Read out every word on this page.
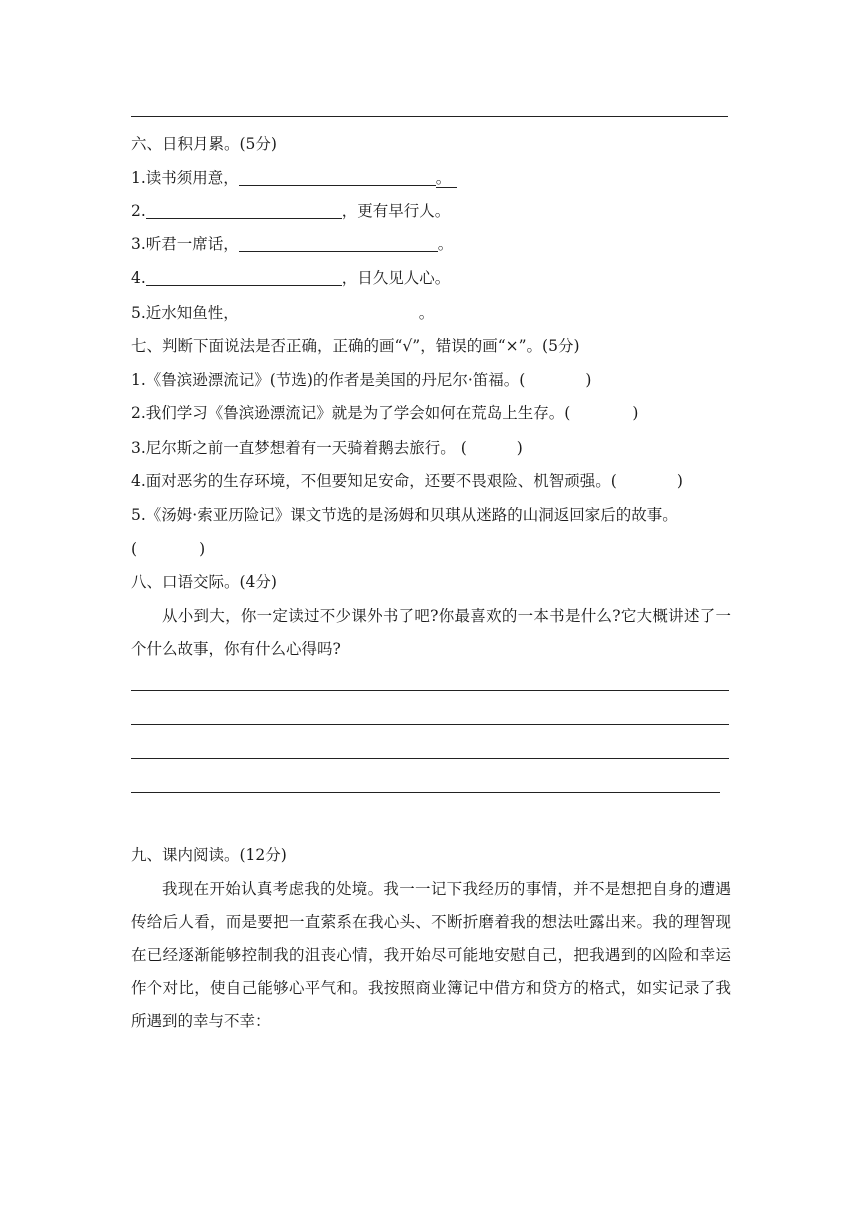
六、日积月累。(5分)
1.读书须用意，	。
2.	，更有早行人。
3.听君一席话，	。
4.	，日久见人心。
5.近水知鱼性，	。
七、判断下面说法是否正确，正确的画“√”，错误的画“×”。(5分)
1.《鲁滨逊漂流记》(节选)的作者是美国的丹尼尔·笛福。(	)
2.我们学习《鲁滨逊漂流记》就是为了学会如何在荒岛上生存。(	)
3.尼尔斯之前一直梦想着有一天骑着鹅去旅行。 (	)
4.面对恶劣的生存环境，不但要知足安命，还要不畏艰险、机智顽强。(	)
5.《汤姆·索亚历险记》课文节选的是汤姆和贝琪从迷路的山洞返回家后的故事。
(	)
八、口语交际。(4分)
从小到大，你一定读过不少课外书了吧?你最喜欢的一本书是什么?它大概讲述了一个什么故事，你有什么心得吗?
九、课内阅读。(12分)
我现在开始认真考虑我的处境。我一一记下我经历的事情，并不是想把自身的遭遇传给后人看，而是要把一直萦系在我心头、不断折磨着我的想法吐露出来。我的理智现在已经逐渐能够控制我的沮丧心情，我开始尽可能地安慰自己，把我遇到的凶险和幸运作个对比，使自己能够心平气和。我按照商业簿记中借方和贷方的格式，如实记录了我所遇到的幸与不幸：
